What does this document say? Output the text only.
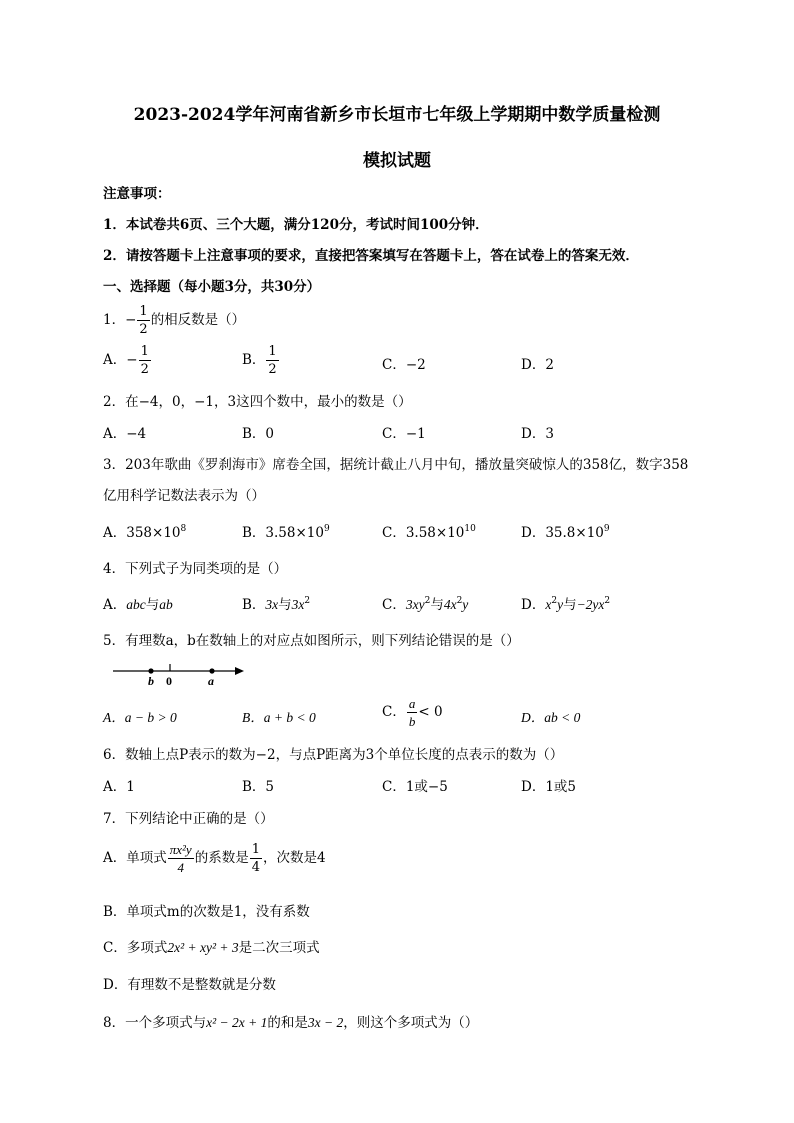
2023-2024学年河南省新乡市长垣市七年级上学期期中数学质量检测
模拟试题
注意事项：
1．本试卷共6页、三个大题，满分120分，考试时间100分钟．
2．请按答题卡上注意事项的要求，直接把答案填写在答题卡上，答在试卷上的答案无效．
一、选择题（每小题3分，共30分）
1．− $\frac{1}{2}$ 的相反数是（）
A．− $\frac{1}{2}$	B． $\frac{1}{2}$	C．−2	D．2
2．在−4，0，−1，3这四个数中，最小的数是（）
A．−4	B．0	C．−1	D．3
3．203年歌曲《罗刹海市》席卷全国，据统计截止八月中旬，播放量突破惊人的358亿，数字358
亿用科学记数法表示为（）
A．$358\times 10^8$	B．$3.58\times 10^9$	C．$3.58\times 10^{10}$	D．$35.8\times 10^9$
4．下列式子为同类项的是（）
A．abc与ab	B．3x与$3x^2$	C．$3xy^2$与$4x^2y$	D．$x^2y$与$-2yx^2$
5．有理数a，b在数轴上的对应点如图所示，则下列结论错误的是（）
b 0	a
A．a − b > 0	B．a + b < 0	C． $\frac{a}{b} < 0$	D．ab < 0
6．数轴上点P表示的数为−2，与点P距离为3个单位长度的点表示的数为（）
A．1	B．5	C．1或−5	D．1或5
7．下列结论中正确的是（）
A．单项式 $\frac{\text{πx²y}}{4}$ 的系数是 $\frac{1}{4}$ ，次数是4
B．单项式m的次数是1，没有系数
C．多项式2x² + xy² + 3是二次三项式
D．有理数不是整数就是分数
8．一个多项式与x² − 2x + 1的和是3x − 2，则这个多项式为（）
